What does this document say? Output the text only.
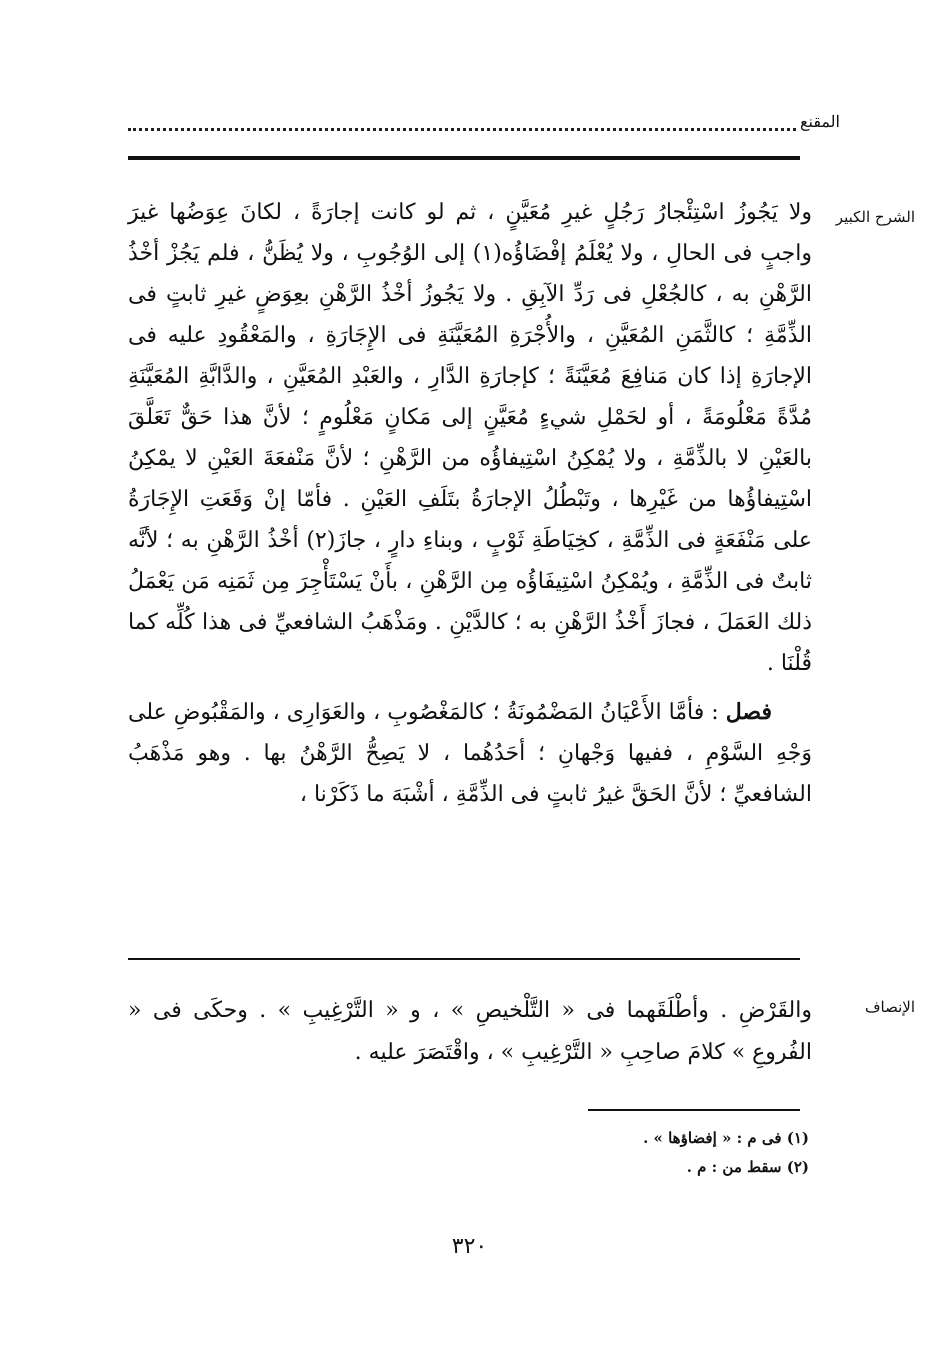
المقنع
الشرح الكبير

ولا يَجُوزُ اسْتِئْجارُ رَجُلٍ غيرِ مُعَيَّنٍ ، ثم لو كانت إجارَةً ، لكانَ عِوَضُها غيرَ واجبٍ فى الحالِ ، ولا يُعْلَمُ إفْضَاؤُه(١) إلى الوُجُوبِ ، ولا يُظَنُّ ، فلم يَجُزْ أخْذُ الرَّهْنِ به ، كالجُعْلِ فى رَدِّ الآبِقِ . ولا يَجُوزُ أخْذُ الرَّهْنِ بعِوَضٍ غيرِ ثابتٍ فى الذِّمَّةِ ؛ كالثَّمَنِ المُعَيَّنِ ، والأُجْرَةِ المُعَيَّنَةِ فى الإِجَارَةِ ، والمَعْقُودِ عليه فى الإجارَةِ إذا كان مَنافِعَ مُعَيَّنَةً ؛ كإجارَةِ الدَّارِ ، والعَبْدِ المُعَيَّنِ ، والدَّابَّةِ المُعَيَّنَةِ مُدَّةً مَعْلُومَةً ، أو لحَمْلِ شيءٍ مُعَيَّنٍ إلى مَكانٍ مَعْلُومٍ ؛ لأنَّ هذا حَقٌّ تَعَلَّقَ بالعَيْنِ لا بالذِّمَّةِ ، ولا يُمْكِنُ اسْتِيفاؤُه من الرَّهْنِ ؛ لأنَّ مَنْفعَةَ العَيْنِ لا يمْكِنُ اسْتِيفاؤُها من غَيْرِها ، وتَبْطُلُ الإجارَةُ بتَلَفِ العَيْنِ . فأمّا إنْ وَقَعَتِ الإِجَارَةُ على مَنْفَعَةٍ فى الذِّمَّةِ ، كخِيَاطَةِ ثَوْبٍ ، وبناءِ دارٍ ، جازَ(٢) أخْذُ الرَّهْنِ به ؛ لأنَّه ثابتٌ فى الذِّمَّةِ ، ويُمْكِنُ اسْتِيفَاؤُه مِن الرَّهْنِ ، بأَنْ يَسْتَأْجِرَ مِن ثَمَنِه مَن يَعْمَلُ ذلك العَمَلَ ، فجازَ أَخْذُ الرَّهْنِ به ؛ كالدَّيْنِ . ومَذْهَبُ الشافعيِّ فى هذا كُلِّه كما قُلْنَا .

فصل : فأمَّا الأَعْيَانُ المَضْمُونَةُ ؛ كالمَغْصُوبِ ، والعَوَارِى ، والمَقْبُوضِ على وَجْهِ السَّوْمِ ، ففيها وَجْهانِ ؛ أحَدُهُما ، لا يَصِحُّ الرَّهْنُ بها . وهو مَذْهَبُ الشافعيِّ ؛ لأنَّ الحَقَّ غيرُ ثابتٍ فى الذِّمَّةِ ، أشْبَهَ ما ذَكَرْنا ،

الإنصاف

والقَرْضِ . وأطْلَقَهما فى « التَّلْخيصِ » ، و « التَّرْغِيبِ » . وحكَى فى « الفُروعِ » كلامَ صاحِبِ « التَّرْغِيبِ » ، واقْتَصَرَ عليه .

(١) فى م : « إفضاؤها » .
(٢) سقط من : م .
٣٢٠
